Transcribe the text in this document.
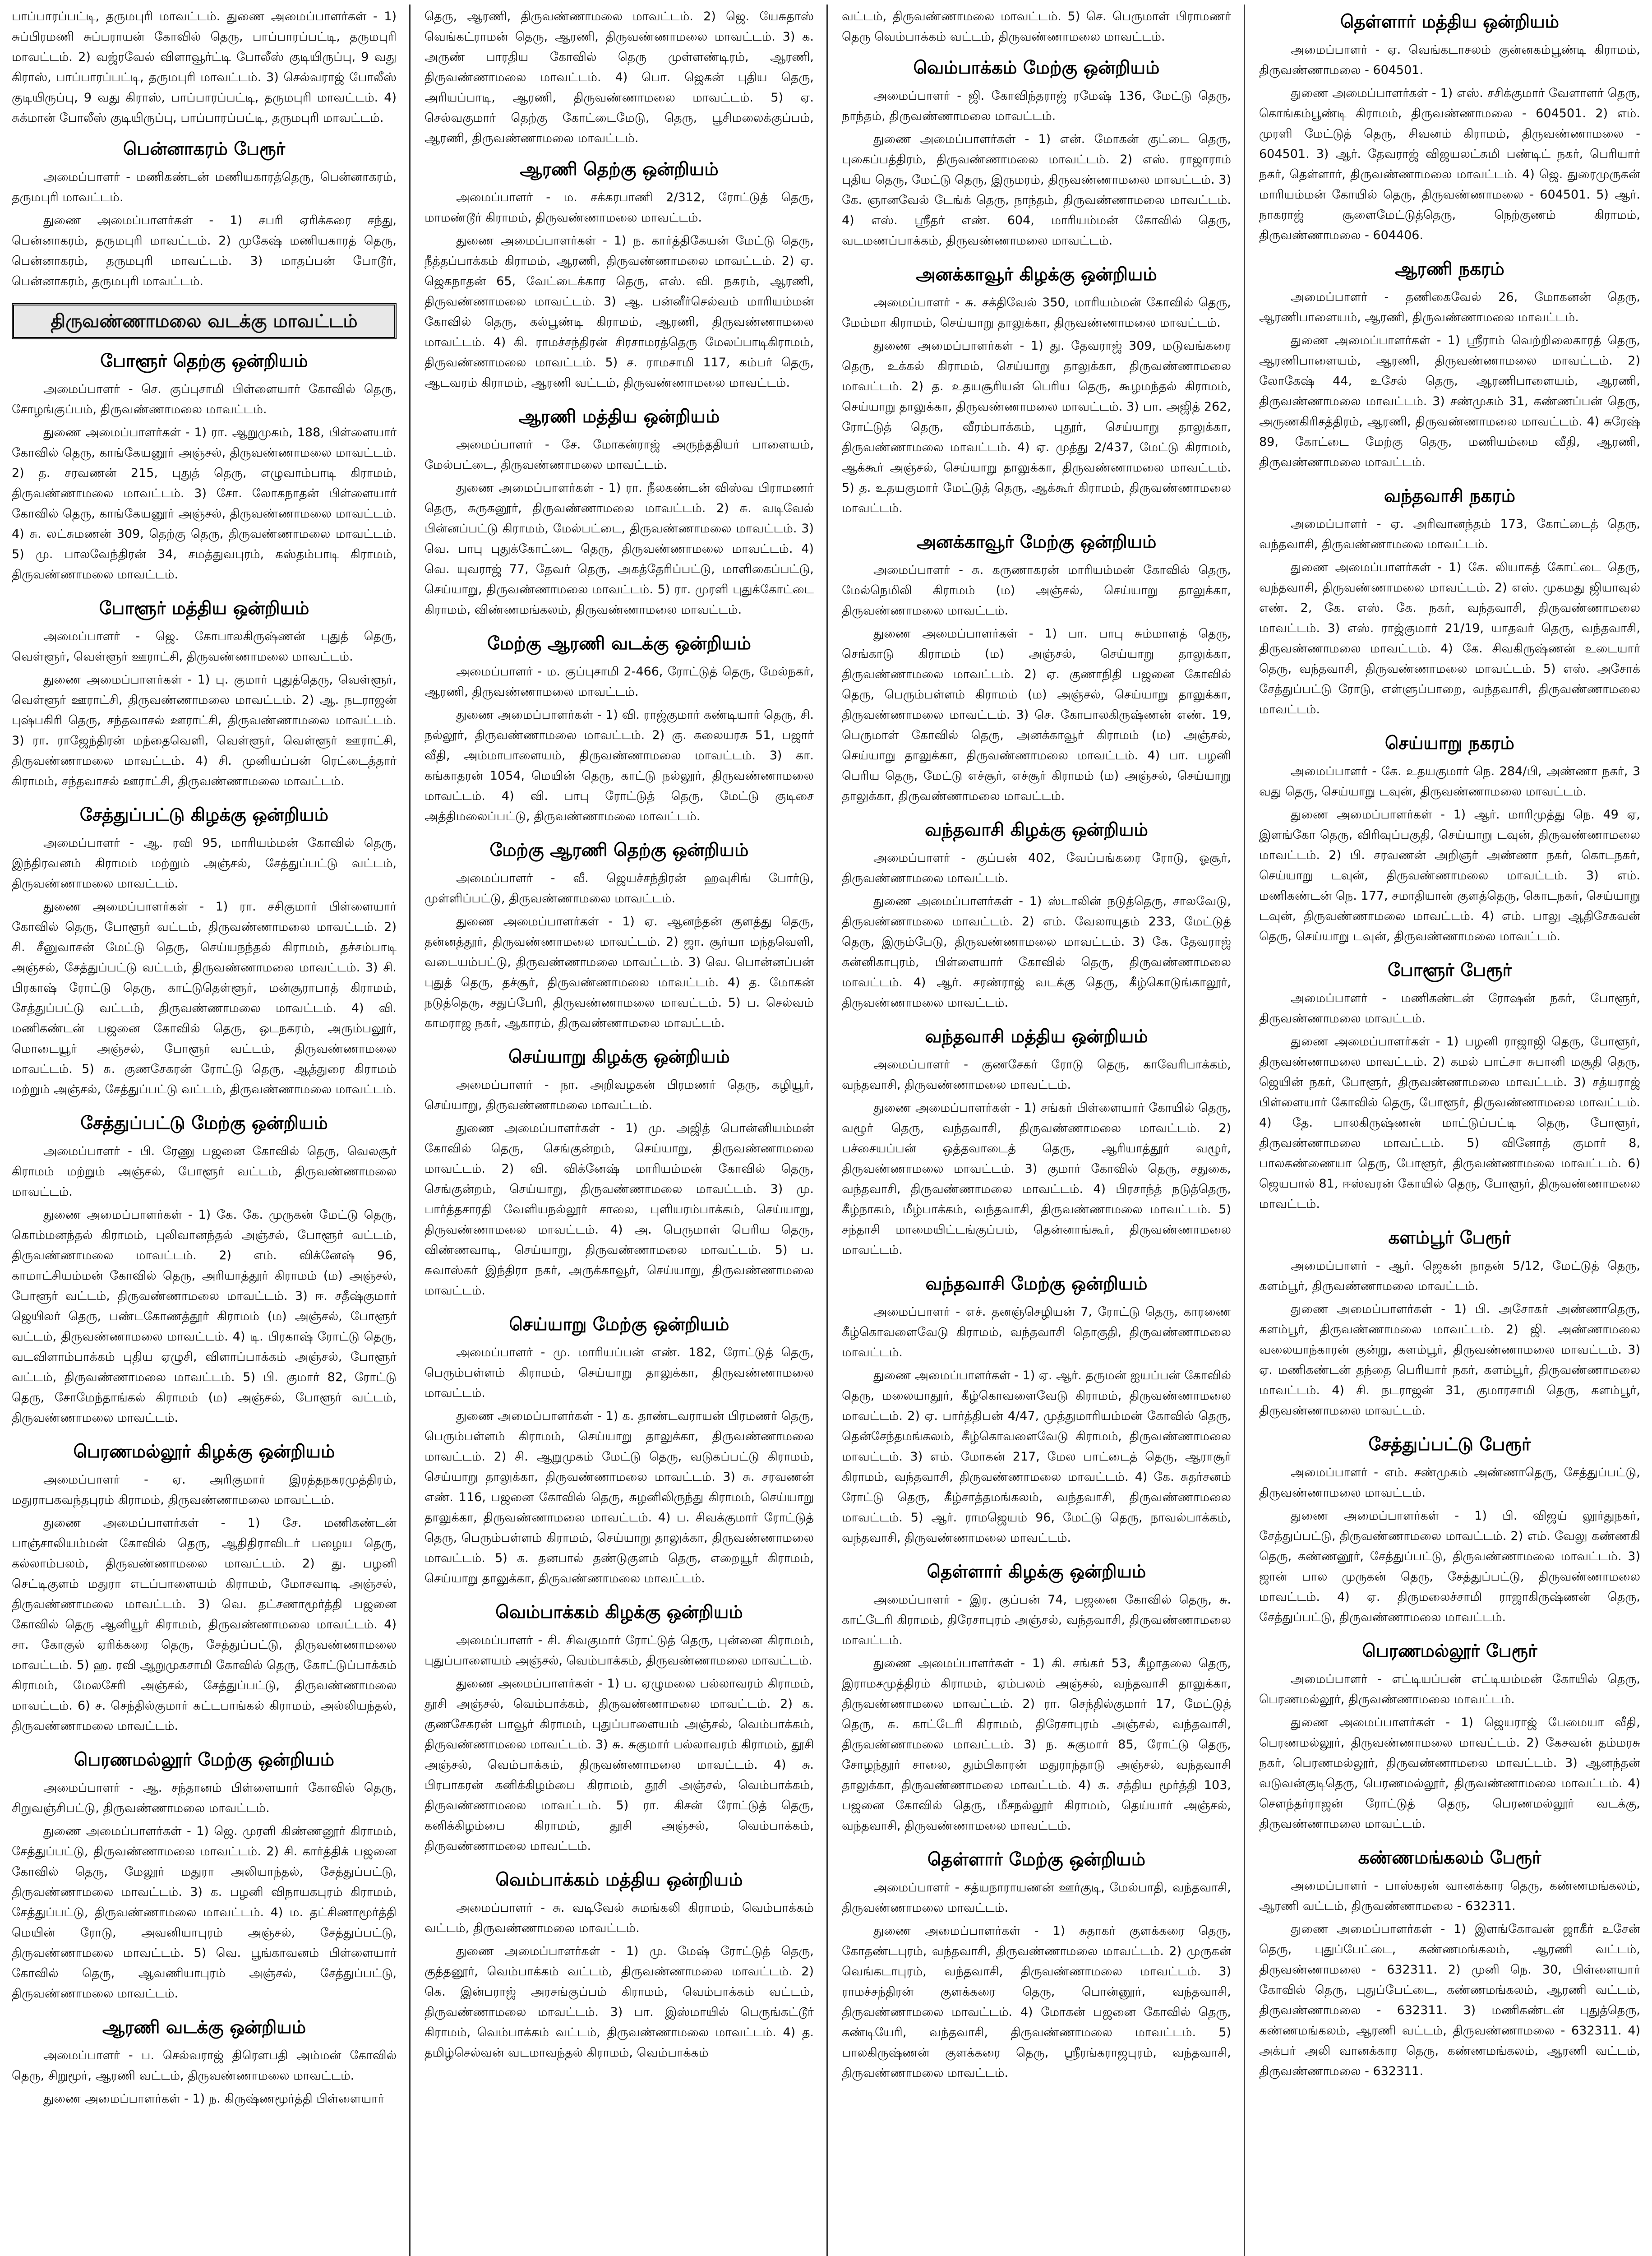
பாப்பாரப்பட்டி, தருமபுரி மாவட்டம். துணை அமைப்பாளர்கள் - 1) சுப்பிரமணி சுப்பராயன் கோவில் தெரு, பாப்பாரப்பட்டி, தருமபுரி மாவட்டம். 2) வஜ்ரவேல் விளாவூர்ட்டி போலீஸ் குடியிருப்பு, 9 வது கிராஸ், பாப்பாரப்பட்டி, தருமபுரி மாவட்டம். 3) செல்வராஜ் போலீஸ் குடியிருப்பு, 9 வது கிராஸ், பாப்பாரப்பட்டி, தருமபுரி மாவட்டம். 4) சுக்மான் போலீஸ் குடியிருப்பு, பாப்பாரப்பட்டி, தருமபுரி மாவட்டம்.

பென்னாகரம் பேரூர்

அமைப்பாளர் - மணிகண்டன் மணியகாரத்தெரு, பென்னாகரம், தருமபுரி மாவட்டம்.

துணை அமைப்பாளர்கள் - 1) சபரி ஏரிக்கரை சந்து, பென்னாகரம், தருமபுரி மாவட்டம். 2) முகேஷ் மணியகாரத் தெரு, பென்னாகரம், தருமபுரி மாவட்டம். 3) மாதப்பன் போடூர், பென்னாகரம், தருமபுரி மாவட்டம்.

திருவண்ணாமலை வடக்கு மாவட்டம்
போளூர் தெற்கு ஒன்றியம்

அமைப்பாளர் - செ. குப்புசாமி பிள்ளையார் கோவில் தெரு, சோழங்குப்பம், திருவண்ணாமலை மாவட்டம்.

துணை அமைப்பாளர்கள் - 1) ரா. ஆறுமுகம், 188, பிள்ளையார் கோவில் தெரு, காங்கேயனூர் அஞ்சல், திருவண்ணாமலை மாவட்டம். 2) த. சரவணன் 215, புதுத் தெரு, எழுவாம்பாடி கிராமம், திருவண்ணாமலை மாவட்டம். 3) சோ. லோகநாதன் பிள்ளையார் கோவில் தெரு, காங்கேயனூர் அஞ்சல், திருவண்ணாமலை மாவட்டம். 4) சு. லட்சுமணன் 309, தெற்கு தெரு, திருவண்ணாமலை மாவட்டம். 5) மு. பாலவேந்திரன் 34, சமத்துவபுரம், கஸ்தம்பாடி கிராமம், திருவண்ணாமலை மாவட்டம்.

போளூர் மத்திய ஒன்றியம்

அமைப்பாளர் - ஜெ. கோபாலகிருஷ்ணன் புதுத் தெரு, வெள்ளூர், வெள்ளூர் ஊராட்சி, திருவண்ணாமலை மாவட்டம்.

துணை அமைப்பாளர்கள் - 1) பு. குமார் புதுத்தெரு, வெள்ளூர், வெள்ளூர் ஊராட்சி, திருவண்ணாமலை மாவட்டம். 2) ஆ. நடராஜன் புஷ்பகிரி தெரு, சந்தவாசல் ஊராட்சி, திருவண்ணாமலை மாவட்டம். 3) ரா. ராஜேந்திரன் மந்தைவெளி, வெள்ளூர், வெள்ளூர் ஊராட்சி, திருவண்ணாமலை மாவட்டம். 4) சி. முனியப்பன் ரெட்டைத்தார் கிராமம், சந்தவாசல் ஊராட்சி, திருவண்ணாமலை மாவட்டம்.

சேத்துப்பட்டு கிழக்கு ஒன்றியம்

அமைப்பாளர் - ஆ. ரவி 95, மாரியம்மன் கோவில் தெரு, இந்திரவனம் கிராமம் மற்றும் அஞ்சல், சேத்துப்பட்டு வட்டம், திருவண்ணாமலை மாவட்டம்.

துணை அமைப்பாளர்கள் - 1) ரா. சசிகுமார் பிள்ளையார் கோவில் தெரு, போளூர் வட்டம், திருவண்ணாமலை மாவட்டம். 2) சி. சீனுவாசன் மேட்டு தெரு, செய்யநந்தல் கிராமம், தச்சம்பாடி அஞ்சல், சேத்துப்பட்டு வட்டம், திருவண்ணாமலை மாவட்டம். 3) சி. பிரகாஷ் ரோட்டு தெரு, காட்டுதெள்ளூர், மன்சூராபாத் கிராமம், சேத்துப்பட்டு வட்டம், திருவண்ணாமலை மாவட்டம். 4) வி. மணிகண்டன் பஜனை கோவில் தெரு, ஒடநகரம், அரும்பலூர், மொடையூர் அஞ்சல், போளூர் வட்டம், திருவண்ணாமலை மாவட்டம். 5) சு. குணசேகரன் ரோட்டு தெரு, ஆத்துரை கிராமம் மற்றும் அஞ்சல், சேத்துப்பட்டு வட்டம், திருவண்ணாமலை மாவட்டம்.

சேத்துப்பட்டு மேற்கு ஒன்றியம்

அமைப்பாளர் - பி. ரேணு பஜனை கோவில் தெரு, வெலசூர் கிராமம் மற்றும் அஞ்சல், போளூர் வட்டம், திருவண்ணாமலை மாவட்டம்.

துணை அமைப்பாளர்கள் - 1) கே. கே. முருகன் மேட்டு தெரு, கொம்மனந்தல் கிராமம், புலிவானந்தல் அஞ்சல், போளூர் வட்டம், திருவண்ணாமலை மாவட்டம். 2) எம். விக்னேஷ் 96, காமாட்சியம்மன் கோவில் தெரு, அரியாத்தூர் கிராமம் (ம) அஞ்சல், போளூர் வட்டம், திருவண்ணாமலை மாவட்டம். 3) ஈ. சதீஷ்குமார் ஜெயிலர் தெரு, பண்டகோணத்தூர் கிராமம் (ம) அஞ்சல், போளூர் வட்டம், திருவண்ணாமலை மாவட்டம். 4) டி. பிரகாஷ் ரோட்டு தெரு, வடவிளாம்பாக்கம் புதிய ஏழுசி, விளாப்பாக்கம் அஞ்சல், போளூர் வட்டம், திருவண்ணாமலை மாவட்டம். 5) பி. குமார் 82, ரோட்டு தெரு, சோமேந்தாங்கல் கிராமம் (ம) அஞ்சல், போளூர் வட்டம், திருவண்ணாமலை மாவட்டம்.

பெரணமல்லூர் கிழக்கு ஒன்றியம்

அமைப்பாளர் - ஏ. அரிகுமார் இரத்தநகரமுத்திரம், மதுராபகவந்தபுரம் கிராமம், திருவண்ணாமலை மாவட்டம்.

துணை அமைப்பாளர்கள் - 1) சே. மணிகண்டன் பாஞ்சாலியம்மன் கோவில் தெரு, ஆதிதிராவிடர் பழைய தெரு, கல்லாம்பலம், திருவண்ணாமலை மாவட்டம். 2) து. பழனி செட்டிகுளம் மதுரா எடப்பாளையம் கிராமம், மோசவாடி அஞ்சல், திருவண்ணாமலை மாவட்டம். 3) வெ. தட்சணாமூர்த்தி பஜனை கோவில் தெரு ஆனியூர் கிராமம், திருவண்ணாமலை மாவட்டம். 4) சா. கோகுல் ஏரிக்கரை தெரு, சேத்துப்பட்டு, திருவண்ணாமலை மாவட்டம். 5) ஹ. ரவி ஆறுமுகசாமி கோவில் தெரு, கோட்டுப்பாக்கம் கிராமம், மேலசேரி அஞ்சல், சேத்துப்பட்டு, திருவண்ணாமலை மாவட்டம். 6) ச. செந்தில்குமார் கட்டபாங்கல் கிராமம், அல்லியந்தல், திருவண்ணாமலை மாவட்டம்.

பெரணமல்லூர் மேற்கு ஒன்றியம்

அமைப்பாளர் - ஆ. சந்தானம் பிள்ளையார் கோவில் தெரு, சிறுவஞ்சிபட்டு, திருவண்ணாமலை மாவட்டம்.

துணை அமைப்பாளர்கள் - 1) ஜெ. முரளி கிண்ணனூர் கிராமம், சேத்துப்பட்டு, திருவண்ணாமலை மாவட்டம். 2) சி. கார்த்திக் பஜனை கோவில் தெரு, மேலூர் மதுரா அலியாந்தல், சேத்துப்பட்டு, திருவண்ணாமலை மாவட்டம். 3) க. பழனி விநாயகபுரம் கிராமம், சேத்துப்பட்டு, திருவண்ணாமலை மாவட்டம். 4) ம. தட்சிணாமூர்த்தி மெயின் ரோடு, அவனியாபுரம் அஞ்சல், சேத்துப்பட்டு, திருவண்ணாமலை மாவட்டம். 5) வெ. பூங்காவனம் பிள்ளையார் கோவில் தெரு, ஆவணியாபுரம் அஞ்சல், சேத்துப்பட்டு, திருவண்ணாமலை மாவட்டம்.

ஆரணி வடக்கு ஒன்றியம்

அமைப்பாளர் - ப. செல்வராஜ் திரௌபதி அம்மன் கோவில் தெரு, சிறுமூர், ஆரணி வட்டம், திருவண்ணாமலை மாவட்டம்.

துணை அமைப்பாளர்கள் - 1) ந. கிருஷ்ணமூர்த்தி பிள்ளையார்

தெரு, ஆரணி, திருவண்ணாமலை மாவட்டம். 2) ஜெ. யேசுதாஸ் வெங்கட்ராமன் தெரு, ஆரணி, திருவண்ணாமலை மாவட்டம். 3) க. அருண் பாரதிய கோவில் தெரு முள்ளண்டிரம், ஆரணி, திருவண்ணாமலை மாவட்டம். 4) பொ. ஜெகன் புதிய தெரு, அரியப்பாடி, ஆரணி, திருவண்ணாமலை மாவட்டம். 5) ஏ. செல்வகுமார் தெற்கு கோட்டைமேடு, தெரு, பூசிமலைக்குப்பம், ஆரணி, திருவண்ணாமலை மாவட்டம்.

ஆரணி தெற்கு ஒன்றியம்

அமைப்பாளர் - ம. சக்கரபாணி 2/312, ரோட்டுத் தெரு, மாமண்டூர் கிராமம், திருவண்ணாமலை மாவட்டம்.

துணை அமைப்பாளர்கள் - 1) ந. கார்த்திகேயன் மேட்டு தெரு, நீத்தப்பாக்கம் கிராமம், ஆரணி, திருவண்ணாமலை மாவட்டம். 2) ஏ. ஜெகநாதன் 65, வேட்டைக்கார தெரு, எஸ். வி. நகரம், ஆரணி, திருவண்ணாமலை மாவட்டம். 3) ஆ. பன்னீர்செல்வம் மாரியம்மன் கோவில் தெரு, கல்பூண்டி கிராமம், ஆரணி, திருவண்ணாமலை மாவட்டம். 4) கி. ராமச்சந்திரன் சிரசாமரத்தெரு மேலப்பாடிகிராமம், திருவண்ணாமலை மாவட்டம். 5) ச. ராமசாமி 117, கம்பர் தெரு, ஆடவரம் கிராமம், ஆரணி வட்டம், திருவண்ணாமலை மாவட்டம்.

ஆரணி மத்திய ஒன்றியம்

அமைப்பாளர் - சே. மோகன்ராஜ் அருந்ததியர் பாளையம், மேல்பட்டை, திருவண்ணாமலை மாவட்டம்.

துணை அமைப்பாளர்கள் - 1) ரா. நீலகண்டன் விஸ்வ பிராமணர் தெரு, சுருகனூர், திருவண்ணாமலை மாவட்டம். 2) சு. வடிவேல் பின்னப்பட்டு கிராமம், மேல்பட்டை, திருவண்ணாமலை மாவட்டம். 3) வெ. பாபு புதுக்கோட்டை தெரு, திருவண்ணாமலை மாவட்டம். 4) வெ. யுவராஜ் 77, தேவர் தெரு, அகத்தேரிப்பட்டு, மாளிகைப்பட்டு, செய்யாறு, திருவண்ணாமலை மாவட்டம். 5) ரா. முரளி புதுக்கோட்டை கிராமம், விண்ணமங்கலம், திருவண்ணாமலை மாவட்டம்.

மேற்கு ஆரணி வடக்கு ஒன்றியம்

அமைப்பாளர் - ம. குப்புசாமி 2-466, ரோட்டுத் தெரு, மேல்நகர், ஆரணி, திருவண்ணாமலை மாவட்டம்.

துணை அமைப்பாளர்கள் - 1) வி. ராஜ்குமார் கண்டியார் தெரு, சி. நல்லூர், திருவண்ணாமலை மாவட்டம். 2) கு. கலையரசு 51, பஜார் வீதி, அம்மாபாளையம், திருவண்ணாமலை மாவட்டம். 3) கா. கங்காதரன் 1054, மெயின் தெரு, காட்டு நல்லூர், திருவண்ணாமலை மாவட்டம். 4) வி. பாபு ரோட்டுத் தெரு, மேட்டு குடிசை அத்திமலைப்பட்டு, திருவண்ணாமலை மாவட்டம்.

மேற்கு ஆரணி தெற்கு ஒன்றியம்

அமைப்பாளர் - வீ. ஜெயச்சந்திரன் ஹவுசிங் போர்டு, முள்ளிப்பட்டு, திருவண்ணாமலை மாவட்டம்.

துணை அமைப்பாளர்கள் - 1) ஏ. ஆனந்தன் குளத்து தெரு, தன்னத்தூர், திருவண்ணாமலை மாவட்டம். 2) ஜா. சூர்யா மந்தவெளி, வடையம்பட்டு, திருவண்ணாமலை மாவட்டம். 3) வெ. பொன்னப்பன் புதுத் தெரு, தச்சூர், திருவண்ணாமலை மாவட்டம். 4) த. மோகன் நடுத்தெரு, சதுப்பேரி, திருவண்ணாமலை மாவட்டம். 5) ப. செல்வம் காமராஜ நகர், ஆகாரம், திருவண்ணாமலை மாவட்டம்.

செய்யாறு கிழக்கு ஒன்றியம்

அமைப்பாளர் - நா. அறிவழகன் பிரமணர் தெரு, கழியூர், செய்யாறு, திருவண்ணாமலை மாவட்டம்.

துணை அமைப்பாளர்கள் - 1) மு. அஜித் பொன்னியம்மன் கோவில் தெரு, செங்குன்றம், செய்யாறு, திருவண்ணாமலை மாவட்டம். 2) வி. விக்னேஷ் மாரியம்மன் கோவில் தெரு, செங்குன்றம், செய்யாறு, திருவண்ணாமலை மாவட்டம். 3) மு. பார்த்தசாரதி வேளியநல்லூர் சாலை, புளியரம்பாக்கம், செய்யாறு, திருவண்ணாமலை மாவட்டம். 4) அ. பெருமாள் பெரிய தெரு, விண்ணவாடி, செய்யாறு, திருவண்ணாமலை மாவட்டம். 5) ப. சுவாஸ்கர் இந்திரா நகர், அருக்காவூர், செய்யாறு, திருவண்ணாமலை மாவட்டம்.

செய்யாறு மேற்கு ஒன்றியம்

அமைப்பாளர் - மு. மாரியப்பன் எண். 182, ரோட்டுத் தெரு, பெரும்பள்ளம் கிராமம், செய்யாறு தாலுக்கா, திருவண்ணாமலை மாவட்டம்.

துணை அமைப்பாளர்கள் - 1) க. தாண்டவராயன் பிரமணர் தெரு, பெரும்பள்ளம் கிராமம், செய்யாறு தாலுக்கா, திருவண்ணாமலை மாவட்டம். 2) சி. ஆறுமுகம் மேட்டு தெரு, வடுகப்பட்டு கிராமம், செய்யாறு தாலுக்கா, திருவண்ணாமலை மாவட்டம். 3) சு. சரவணன் எண். 116, பஜனை கோவில் தெரு, சுழனிலிருந்து கிராமம், செய்யாறு தாலுக்கா, திருவண்ணாமலை மாவட்டம். 4) ப. சிவக்குமார் ரோட்டுத் தெரு, பெரும்பள்ளம் கிராமம், செய்யாறு தாலுக்கா, திருவண்ணாமலை மாவட்டம். 5) க. தனபால் தண்டுகுளம் தெரு, எறையூர் கிராமம், செய்யாறு தாலுக்கா, திருவண்ணாமலை மாவட்டம்.

வெம்பாக்கம் கிழக்கு ஒன்றியம்

அமைப்பாளர் - சி. சிவகுமார் ரோட்டுத் தெரு, புன்னை கிராமம், புதுப்பாளையம் அஞ்சல், வெம்பாக்கம், திருவண்ணாமலை மாவட்டம்.

துணை அமைப்பாளர்கள் - 1) ப. ஏழுமலை பல்லாவரம் கிராமம், தூசி அஞ்சல், வெம்பாக்கம், திருவண்ணாமலை மாவட்டம். 2) க. குணசேகரன் பாவூர் கிராமம், புதுப்பாளையம் அஞ்சல், வெம்பாக்கம், திருவண்ணாமலை மாவட்டம். 3) சு. சுகுமார் பல்லாவரம் கிராமம், தூசி அஞ்சல், வெம்பாக்கம், திருவண்ணாமலை மாவட்டம். 4) சு. பிரபாகரன் கனிக்கிழம்பை கிராமம், தூசி அஞ்சல், வெம்பாக்கம், திருவண்ணாமலை மாவட்டம். 5) ரா. கிசன் ரோட்டுத் தெரு, கனிக்கிழம்பை கிராமம், தூசி அஞ்சல், வெம்பாக்கம், திருவண்ணாமலை மாவட்டம்.

வெம்பாக்கம் மத்திய ஒன்றியம்

அமைப்பாளர் - சு. வடிவேல் சுமங்கலி கிராமம், வெம்பாக்கம் வட்டம், திருவண்ணாமலை மாவட்டம்.

துணை அமைப்பாளர்கள் - 1) மு. மேஷ் ரோட்டுத் தெரு, குத்தனூர், வெம்பாக்கம் வட்டம், திருவண்ணாமலை மாவட்டம். 2) கெ. இன்பராஜ் அரசங்குப்பம் கிராமம், வெம்பாக்கம் வட்டம், திருவண்ணாமலை மாவட்டம். 3) பா. இஸ்மாயில் பெருங்கட்டூர் கிராமம், வெம்பாக்கம் வட்டம், திருவண்ணாமலை மாவட்டம். 4) த. தமிழ்செல்வன் வடமாவந்தல் கிராமம், வெம்பாக்கம்

வட்டம், திருவண்ணாமலை மாவட்டம். 5) செ. பெருமாள் பிராமணர் தெரு வெம்பாக்கம் வட்டம், திருவண்ணாமலை மாவட்டம்.

வெம்பாக்கம் மேற்கு ஒன்றியம்

அமைப்பாளர் - ஜி. கோவிந்தராஜ் ரமேஷ் 136, மேட்டு தெரு, நாந்தம், திருவண்ணாமலை மாவட்டம்.

துணை அமைப்பாளர்கள் - 1) என். மோகன் குட்டை தெரு, புகைப்பத்திரம், திருவண்ணாமலை மாவட்டம். 2) எஸ். ராஜாராம் புதிய தெரு, மேட்டு தெரு, இருமரம், திருவண்ணாமலை மாவட்டம். 3) கே. ஞானவேல் டேங்க் தெரு, நாந்தம், திருவண்ணாமலை மாவட்டம். 4) எஸ். ஸ்ரீதர் எண். 604, மாரியம்மன் கோவில் தெரு, வடமணப்பாக்கம், திருவண்ணாமலை மாவட்டம்.

அனக்காவூர் கிழக்கு ஒன்றியம்

அமைப்பாளர் - சு. சக்திவேல் 350, மாரியம்மன் கோவில் தெரு, மேம்மா கிராமம், செய்யாறு தாலுக்கா, திருவண்ணாமலை மாவட்டம்.

துணை அமைப்பாளர்கள் - 1) து. தேவராஜ் 309, மடுவங்கரை தெரு, உக்கல் கிராமம், செய்யாறு தாலுக்கா, திருவண்ணாமலை மாவட்டம். 2) த. உதயசூரியன் பெரிய தெரு, கூழமந்தல் கிராமம், செய்யாறு தாலுக்கா, திருவண்ணாமலை மாவட்டம். 3) பா. அஜித் 262, ரோட்டுத் தெரு, வீரம்பாக்கம், புதூர், செய்யாறு தாலுக்கா, திருவண்ணாமலை மாவட்டம். 4) ஏ. முத்து 2/437, மேட்டு கிராமம், ஆக்கூர் அஞ்சல், செய்யாறு தாலுக்கா, திருவண்ணாமலை மாவட்டம். 5) த. உதயகுமார் மேட்டுத் தெரு, ஆக்கூர் கிராமம், திருவண்ணாமலை மாவட்டம்.

அனக்காவூர் மேற்கு ஒன்றியம்

அமைப்பாளர் - சு. கருணாகரன் மாரியம்மன் கோவில் தெரு, மேல்நெமிலி கிராமம் (ம) அஞ்சல், செய்யாறு தாலுக்கா, திருவண்ணாமலை மாவட்டம்.

துணை அமைப்பாளர்கள் - 1) பா. பாபு சும்மாளத் தெரு, செங்காடு கிராமம் (ம) அஞ்சல், செய்யாறு தாலுக்கா, திருவண்ணாமலை மாவட்டம். 2) ஏ. குணாநிதி பஜனை கோவில் தெரு, பெரும்பள்ளம் கிராமம் (ம) அஞ்சல், செய்யாறு தாலுக்கா, திருவண்ணாமலை மாவட்டம். 3) செ. கோபாலகிருஷ்ணன் எண். 19, பெருமாள் கோவில் தெரு, அனக்காவூர் கிராமம் (ம) அஞ்சல், செய்யாறு தாலுக்கா, திருவண்ணாமலை மாவட்டம். 4) பா. பழனி பெரிய தெரு, மேட்டு எச்சூர், எச்சூர் கிராமம் (ம) அஞ்சல், செய்யாறு தாலுக்கா, திருவண்ணாமலை மாவட்டம்.

வந்தவாசி கிழக்கு ஒன்றியம்

அமைப்பாளர் - குப்பன் 402, வேப்பங்கரை ரோடு, ஓசூர், திருவண்ணாமலை மாவட்டம்.

துணை அமைப்பாளர்கள் - 1) ஸ்டாலின் நடுத்தெரு, சாலவேடு, திருவண்ணாமலை மாவட்டம். 2) எம். வேலாயுதம் 233, மேட்டுத் தெரு, இரும்பேடு, திருவண்ணாமலை மாவட்டம். 3) கே. தேவராஜ் கன்னிகாபுரம், பிள்ளையார் கோவில் தெரு, திருவண்ணாமலை மாவட்டம். 4) ஆர். சரண்ராஜ் வடக்கு தெரு, கீழ்கொடுங்காலூர், திருவண்ணாமலை மாவட்டம்.

வந்தவாசி மத்திய ஒன்றியம்

அமைப்பாளர் - குணசேகர் ரோடு தெரு, காவேரிபாக்கம், வந்தவாசி, திருவண்ணாமலை மாவட்டம்.

துணை அமைப்பாளர்கள் - 1) சங்கர் பிள்ளையார் கோயில் தெரு, வழூர் தெரு, வந்தவாசி, திருவண்ணாமலை மாவட்டம். 2) பச்சையப்பன் ஒத்தவாடைத் தெரு, ஆரியாத்தூர் வழூர், திருவண்ணாமலை மாவட்டம். 3) குமார் கோவில் தெரு, சதுகை, வந்தவாசி, திருவண்ணாமலை மாவட்டம். 4) பிரசாந்த் நடுத்தெரு, கீழ்நாகம், மீழ்பாக்கம், வந்தவாசி, திருவண்ணாமலை மாவட்டம். 5) சந்தாசி மாமையிட்டங்குப்பம், தென்னாங்கூர், திருவண்ணாமலை மாவட்டம்.

வந்தவாசி மேற்கு ஒன்றியம்

அமைப்பாளர் - எச். தனஞ்செழியன் 7, ரோட்டு தெரு, காரணை கீழ்கொவளைவேடு கிராமம், வந்தவாசி தொகுதி, திருவண்ணாமலை மாவட்டம்.

துணை அமைப்பாளர்கள் - 1) ஏ. ஆர். தருமன் ஐயப்பன் கோவில் தெரு, மலையாதூர், கீழ்கொவளைவேடு கிராமம், திருவண்ணாமலை மாவட்டம். 2) ஏ. பார்த்திபன் 4/47, முத்துமாரியம்மன் கோவில் தெரு, தென்சேந்தமங்கலம், கீழ்கொவளைவேடு கிராமம், திருவண்ணாமலை மாவட்டம். 3) எம். மோகன் 217, மேல பாட்டைத் தெரு, ஆராசூர் கிராமம், வந்தவாசி, திருவண்ணாமலை மாவட்டம். 4) கே. சுதர்சனம் ரோட்டு தெரு, கீழ்சாத்தமங்கலம், வந்தவாசி, திருவண்ணாமலை மாவட்டம். 5) ஆர். ராமஜெயம் 96, மேட்டு தெரு, நாவல்பாக்கம், வந்தவாசி, திருவண்ணாமலை மாவட்டம்.

தெள்ளார் கிழக்கு ஒன்றியம்

அமைப்பாளர் - இர. குப்பன் 74, பஜனை கோவில் தெரு, சு. காட்டேரி கிராமம், திரேசாபுரம் அஞ்சல், வந்தவாசி, திருவண்ணாமலை மாவட்டம்.

துணை அமைப்பாளர்கள் - 1) கி. சங்கர் 53, கீழாதலை தெரு, இராமசமுத்திரம் கிராமம், ஏம்பலம் அஞ்சல், வந்தவாசி தாலுக்கா, திருவண்ணாமலை மாவட்டம். 2) ரா. செந்தில்குமார் 17, மேட்டுத் தெரு, சு. காட்டேரி கிராமம், திரேசாபுரம் அஞ்சல், வந்தவாசி, திருவண்ணாமலை மாவட்டம். 3) ந. சுகுமார் 85, ரோட்டு தெரு, சோழந்தூர் சாலை, தும்பிகாரன் மதுராந்தாடு அஞ்சல், வந்தவாசி தாலுக்கா, திருவண்ணாமலை மாவட்டம். 4) சு. சத்திய மூர்த்தி 103, பஜனை கோவில் தெரு, மீசநல்லூர் கிராமம், தெய்யார் அஞ்சல், வந்தவாசி, திருவண்ணாமலை மாவட்டம்.

தெள்ளார் மேற்கு ஒன்றியம்

அமைப்பாளர் - சத்யநாராயணன் ஊர்குடி, மேல்பாதி, வந்தவாசி, திருவண்ணாமலை மாவட்டம்.

துணை அமைப்பாளர்கள் - 1) சுதாகர் குளக்கரை தெரு, கோதண்டபுரம், வந்தவாசி, திருவண்ணாமலை மாவட்டம். 2) முருகன் வெங்கடாபுரம், வந்தவாசி, திருவண்ணாமலை மாவட்டம். 3) ராமச்சந்திரன் குளக்கரை தெரு, பொன்னூர், வந்தவாசி, திருவண்ணாமலை மாவட்டம். 4) மோகன் பஜனை கோவில் தெரு, கண்டியேரி, வந்தவாசி, திருவண்ணாமலை மாவட்டம். 5) பாலகிருஷ்ணன் குளக்கரை தெரு, ஸ்ரீரங்கராஜபுரம், வந்தவாசி, திருவண்ணாமலை மாவட்டம்.

தெள்ளார் மத்திய ஒன்றியம்

அமைப்பாளர் - ஏ. வெங்கடாசலம் குன்னகம்பூண்டி கிராமம், திருவண்ணாமலை - 604501.

துணை அமைப்பாளர்கள் - 1) எஸ். சசிக்குமார் வேளாளர் தெரு, கொங்கம்பூண்டி கிராமம், திருவண்ணாமலை - 604501. 2) எம். முரளி மேட்டுத் தெரு, சிவனம் கிராமம், திருவண்ணாமலை - 604501. 3) ஆர். தேவராஜ் விஜயலட்சுமி பண்டிட் நகர், பெரியார் நகர், தெள்ளார், திருவண்ணாமலை மாவட்டம். 4) ஜெ. துரைமுருகன் மாரியம்மன் கோயில் தெரு, திருவண்ணாமலை - 604501. 5) ஆர். நாகராஜ் சூளைமேட்டுத்தெரு, நெற்குணம் கிராமம், திருவண்ணாமலை - 604406.

ஆரணி நகரம்

அமைப்பாளர் - தணிகைவேல் 26, மோகனன் தெரு, ஆரணிபாளையம், ஆரணி, திருவண்ணாமலை மாவட்டம்.

துணை அமைப்பாளர்கள் - 1) ஸ்ரீராம் வெற்றிலைகாரத் தெரு, ஆரணிபாளையம், ஆரணி, திருவண்ணாமலை மாவட்டம். 2) லோகேஷ் 44, உசேல் தெரு, ஆரணிபாளையம், ஆரணி, திருவண்ணாமலை மாவட்டம். 3) சண்முகம் 31, கண்ணப்பன் தெரு, அருணகிரிசத்திரம், ஆரணி, திருவண்ணாமலை மாவட்டம். 4) சுரேஷ் 89, கோட்டை மேற்கு தெரு, மணியம்மை வீதி, ஆரணி, திருவண்ணாமலை மாவட்டம்.

வந்தவாசி நகரம்

அமைப்பாளர் - ஏ. அரிவானந்தம் 173, கோட்டைத் தெரு, வந்தவாசி, திருவண்ணாமலை மாவட்டம்.

துணை அமைப்பாளர்கள் - 1) கே. லியாகத் கோட்டை தெரு, வந்தவாசி, திருவண்ணாமலை மாவட்டம். 2) எஸ். முகமது ஜியாவுல் எண். 2, கே. எஸ். கே. நகர், வந்தவாசி, திருவண்ணாமலை மாவட்டம். 3) எஸ். ராஜ்குமார் 21/19, யாதவர் தெரு, வந்தவாசி, திருவண்ணாமலை மாவட்டம். 4) கே. சிவகிருஷ்ணன் உடையார் தெரு, வந்தவாசி, திருவண்ணாமலை மாவட்டம். 5) எஸ். அசோக் சேத்துப்பட்டு ரோடு, எள்ளுப்பாறை, வந்தவாசி, திருவண்ணாமலை மாவட்டம்.

செய்யாறு நகரம்

அமைப்பாளர் - கே. உதயகுமார் நெ. 284/பி, அண்ணா நகர், 3 வது தெரு, செய்யாறு டவுன், திருவண்ணாமலை மாவட்டம்.

துணை அமைப்பாளர்கள் - 1) ஆர். மாரிமுத்து நெ. 49 ஏ, இளங்கோ தெரு, விரிவுப்பகுதி, செய்யாறு டவுன், திருவண்ணாமலை மாவட்டம். 2) பி. சரவணன் அறிஞர் அண்ணா நகர், கொடநகர், செய்யாறு டவுன், திருவண்ணாமலை மாவட்டம். 3) எம். மணிகண்டன் நெ. 177, சமாதியான் குளத்தெரு, கொடநகர், செய்யாறு டவுன், திருவண்ணாமலை மாவட்டம். 4) எம். பாலு ஆதிசேகவன் தெரு, செய்யாறு டவுன், திருவண்ணாமலை மாவட்டம்.

போளூர் பேரூர்

அமைப்பாளர் - மணிகண்டன் ரோஷன் நகர், போளூர், திருவண்ணாமலை மாவட்டம்.

துணை அமைப்பாளர்கள் - 1) பழனி ராஜாஜி தெரு, போளூர், திருவண்ணாமலை மாவட்டம். 2) கமல் பாட்சா சுபானி மசூதி தெரு, ஜெயின் நகர், போளூர், திருவண்ணாமலை மாவட்டம். 3) சத்யராஜ் பிள்ளையார் கோவில் தெரு, போளூர், திருவண்ணாமலை மாவட்டம். 4) தே. பாலகிருஷ்ணன் மாட்டுப்பட்டி தெரு, போளூர், திருவண்ணாமலை மாவட்டம். 5) வினோத் குமார் 8, பாலகண்ணையா தெரு, போளூர், திருவண்ணாமலை மாவட்டம். 6) ஜெயபால் 81, ஈஸ்வரன் கோயில் தெரு, போளூர், திருவண்ணாமலை மாவட்டம்.

களம்பூர் பேரூர்

அமைப்பாளர் - ஆர். ஜெகன் நாதன் 5/12, மேட்டுத் தெரு, களம்பூர், திருவண்ணாமலை மாவட்டம்.

துணை அமைப்பாளர்கள் - 1) பி. அசோகர் அண்ணாதெரு, களம்பூர், திருவண்ணாமலை மாவட்டம். 2) ஜி. அண்ணாமலை வலையாந்காரன் குன்று, களம்பூர், திருவண்ணாமலை மாவட்டம். 3) ஏ. மணிகண்டன் தந்தை பெரியார் நகர், களம்பூர், திருவண்ணாமலை மாவட்டம். 4) சி. நடராஜன் 31, குமாரசாமி தெரு, களம்பூர், திருவண்ணாமலை மாவட்டம்.

சேத்துப்பட்டு பேரூர்

அமைப்பாளர் - எம். சண்முகம் அண்ணாதெரு, சேத்துப்பட்டு, திருவண்ணாமலை மாவட்டம்.

துணை அமைப்பாளர்கள் - 1) பி. விஜய் லூர்துநகர், சேத்துப்பட்டு, திருவண்ணாமலை மாவட்டம். 2) எம். வேலு கண்ணகி தெரு, கண்ணனூர், சேத்துப்பட்டு, திருவண்ணாமலை மாவட்டம். 3) ஜான் பால முருகன் தெரு, சேத்துப்பட்டு, திருவண்ணாமலை மாவட்டம். 4) ஏ. திருமலைச்சாமி ராஜாகிருஷ்ணன் தெரு, சேத்துப்பட்டு, திருவண்ணாமலை மாவட்டம்.

பெரணமல்லூர் பேரூர்

அமைப்பாளர் - எட்டியப்பன் எட்டியம்மன் கோயில் தெரு, பெரணமல்லூர், திருவண்ணாமலை மாவட்டம்.

துணை அமைப்பாளர்கள் - 1) ஜெயராஜ் பேமையா வீதி, பெரணமல்லூர், திருவண்ணாமலை மாவட்டம். 2) கேசவன் தம்மரசு நகர், பெரணமல்லூர், திருவண்ணாமலை மாவட்டம். 3) ஆனந்தன் வடுவன்குடிதெரு, பெரணமல்லூர், திருவண்ணாமலை மாவட்டம். 4) சௌந்தர்ராஜன் ரோட்டுத் தெரு, பெரணமல்லூர் வடக்கு, திருவண்ணாமலை மாவட்டம்.

கண்ணமங்கலம் பேரூர்

அமைப்பாளர் - பாஸ்கரன் வானக்கார தெரு, கண்ணமங்கலம், ஆரணி வட்டம், திருவண்ணாமலை - 632311.

துணை அமைப்பாளர்கள் - 1) இளங்கோவன் ஜாகீர் உசேன் தெரு, புதுப்பேட்டை, கண்ணமங்கலம், ஆரணி வட்டம், திருவண்ணாமலை - 632311. 2) முனி நெ. 30, பிள்ளையார் கோவில் தெரு, புதுப்பேட்டை, கண்ணமங்கலம், ஆரணி வட்டம், திருவண்ணாமலை - 632311. 3) மணிகண்டன் புதுத்தெரு, கண்ணமங்கலம், ஆரணி வட்டம், திருவண்ணாமலை - 632311. 4) அக்பர் அலி வானக்கார தெரு, கண்ணமங்கலம், ஆரணி வட்டம், திருவண்ணாமலை - 632311.
